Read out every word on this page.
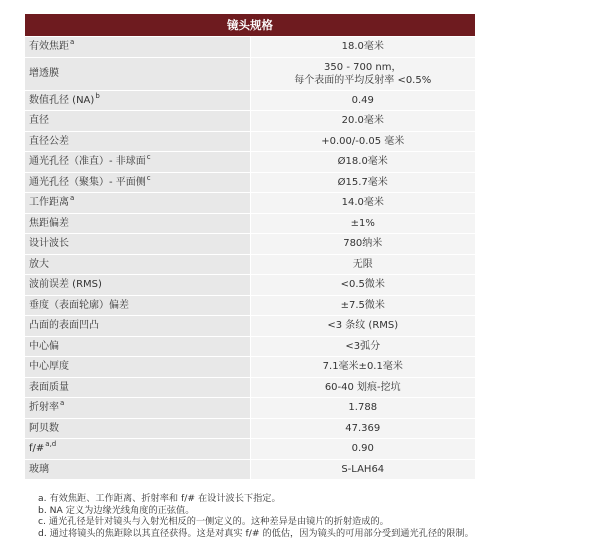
镜头规格	
有效焦距$^a$	18.0毫米
增透膜	350 - 700 nm，
每个表面的平均反射率 <0.5%

数值孔径 (NA)$^b$	0.49
直径	20.0毫米
直径公差	+0.00/-0.05 毫米
通光孔径（准直）- 非球面$^c$	Ø18.0毫米
通光孔径（聚集）- 平面侧$^c$	Ø15.7毫米
工作距离$^a$	14.0毫米
焦距偏差	±1%
设计波长	780纳米
放大	无限
波前误差 (RMS)	<0.5微米
垂度（表面轮廓）偏差	±7.5微米
凸面的表面凹凸	<3 条纹 (RMS)
中心偏	<3弧分
中心厚度	7.1毫米±0.1毫米
表面质量	60-40 划痕-挖坑
折射率$^a$	1.788
阿贝数	47.369
f/#$^{a,d}$	0.90
玻璃	S-LAH64
a. 有效焦距、工作距离、折射率和 f/# 在设计波长下指定。
b. NA 定义为边缘光线角度的正弦值。
c. 通光孔径是针对镜头与入射光相反的一侧定义的。这种差异是由镜片的折射造成的。
d. 通过将镜头的焦距除以其直径获得。这是对真实 f/# 的低估，因为镜头的可用部分受到通光孔径的限制。
